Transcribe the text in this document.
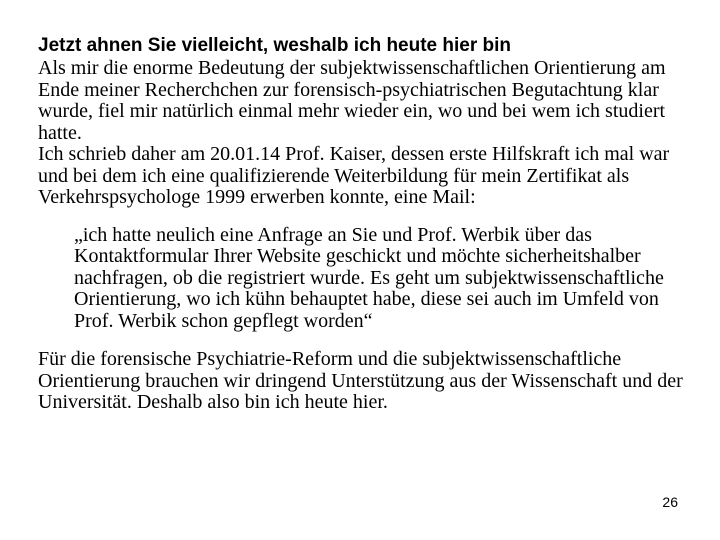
Jetzt ahnen Sie vielleicht, weshalb ich heute hier bin

Als mir die enorme Bedeutung der subjektwissenschaftlichen Orientierung am Ende meiner Recherchchen zur forensisch-psychiatrischen Begutachtung klar wurde, fiel mir natürlich einmal mehr wieder ein, wo und bei wem ich studiert hatte.

Ich schrieb daher am 20.01.14 Prof. Kaiser, dessen erste Hilfskraft ich mal war und bei dem ich eine qualifizierende Weiterbildung für mein Zertifikat als Verkehrspsychologe 1999 erwerben konnte, eine Mail:

„ich hatte neulich eine Anfrage an Sie und Prof. Werbik über das Kontaktformular Ihrer Website geschickt und möchte sicherheitshalber nachfragen, ob die registriert wurde. Es geht um subjektwissenschaftliche Orientierung, wo ich kühn behauptet habe, diese sei auch im Umfeld von Prof. Werbik schon gepflegt worden“

Für die forensische Psychiatrie-Reform und die subjektwissenschaftliche Orientierung brauchen wir dringend Unterstützung aus der Wissenschaft und der Universität. Deshalb also bin ich heute hier.

26
